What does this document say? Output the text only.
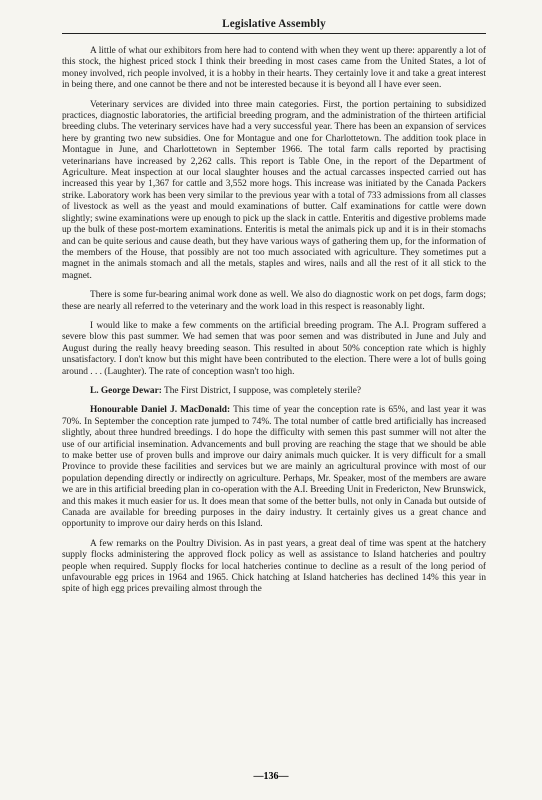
Legislative Assembly

A little of what our exhibitors from here had to contend with when they went up there: apparently a lot of this stock, the highest priced stock I think their breeding in most cases came from the United States, a lot of money involved, rich people involved, it is a hobby in their hearts. They certainly love it and take a great interest in being there, and one cannot be there and not be interested because it is beyond all I have ever seen.

Veterinary services are divided into three main categories. First, the portion pertaining to subsidized practices, diagnostic laboratories, the artificial breeding program, and the administration of the thirteen artificial breeding clubs. The veterinary services have had a very successful year. There has been an expansion of services here by granting two new subsidies. One for Montague and one for Charlottetown. The addition took place in Montague in June, and Charlottetown in September 1966. The total farm calls reported by practising veterinarians have increased by 2,262 calls. This report is Table One, in the report of the Department of Agriculture. Meat inspection at our local slaughter houses and the actual carcasses inspected carried out has increased this year by 1,367 for cattle and 3,552 more hogs. This increase was initiated by the Canada Packers strike. Laboratory work has been very similar to the previous year with a total of 733 admissions from all classes of livestock as well as the yeast and mould examinations of butter. Calf examinations for cattle were down slightly; swine examinations were up enough to pick up the slack in cattle. Enteritis and digestive problems made up the bulk of these post-mortem examinations. Enteritis is metal the animals pick up and it is in their stomachs and can be quite serious and cause death, but they have various ways of gathering them up, for the information of the members of the House, that possibly are not too much associated with agriculture. They sometimes put a magnet in the animals stomach and all the metals, staples and wires, nails and all the rest of it all stick to the magnet.

There is some fur-bearing animal work done as well. We also do diagnostic work on pet dogs, farm dogs; these are nearly all referred to the veterinary and the work load in this respect is reasonably light.

I would like to make a few comments on the artificial breeding program. The A.I. Program suffered a severe blow this past summer. We had semen that was poor semen and was distributed in June and July and August during the really heavy breeding season. This resulted in about 50% conception rate which is highly unsatisfactory. I don't know but this might have been contributed to the election. There were a lot of bulls going around . . . (Laughter). The rate of conception wasn't too high.

L. George Dewar: The First District, I suppose, was completely sterile?

Honourable Daniel J. MacDonald: This time of year the conception rate is 65%, and last year it was 70%. In September the conception rate jumped to 74%. The total number of cattle bred artificially has increased slightly, about three hundred breedings. I do hope the difficulty with semen this past summer will not alter the use of our artificial insemination. Advancements and bull proving are reaching the stage that we should be able to make better use of proven bulls and improve our dairy animals much quicker. It is very difficult for a small Province to provide these facilities and services but we are mainly an agricultural province with most of our population depending directly or indirectly on agriculture. Perhaps, Mr. Speaker, most of the members are aware we are in this artificial breeding plan in co-operation with the A.I. Breeding Unit in Fredericton, New Brunswick, and this makes it much easier for us. It does mean that some of the better bulls, not only in Canada but outside of Canada are available for breeding purposes in the dairy industry. It certainly gives us a great chance and opportunity to improve our dairy herds on this Island.

A few remarks on the Poultry Division. As in past years, a great deal of time was spent at the hatchery supply flocks administering the approved flock policy as well as assistance to Island hatcheries and poultry people when required. Supply flocks for local hatcheries continue to decline as a result of the long period of unfavourable egg prices in 1964 and 1965. Chick hatching at Island hatcheries has declined 14% this year in spite of high egg prices prevailing almost through the

—136—
